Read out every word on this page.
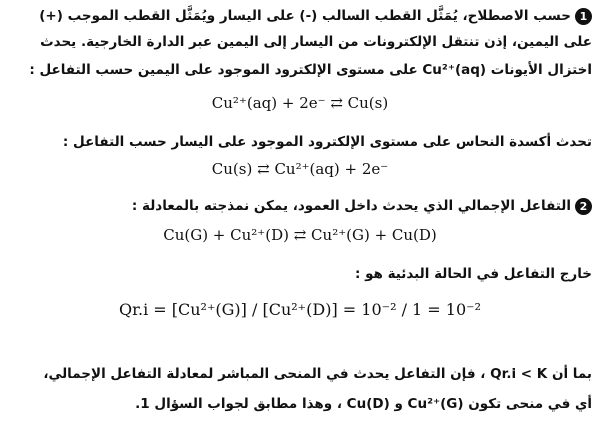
1حسب الاصطلاح، يُمَثَّل القطب السالب (-) على اليسار ويُمَثَّل القطب الموجب (+)
على اليمين، إذن تنتقل الإلكترونات من اليسار إلى اليمين عبر الدارة الخارجية. يحدث
اختزال الأيونات Cu²⁺(aq) على مستوى الإلكترود الموجود على اليمين حسب التفاعل :
Cu²⁺(aq) + 2e⁻ ⇄ Cu(s)
تحدث أكسدة النحاس على مستوى الإلكترود الموجود على اليسار حسب التفاعل :
Cu(s) ⇄ Cu²⁺(aq) + 2e⁻
2التفاعل الإجمالي الذي يحدث داخل العمود، يمكن نمذجته بالمعادلة :
Cu(G) + Cu²⁺(D) ⇄ Cu²⁺(G) + Cu(D)
خارج التفاعل في الحالة البدئية هو :
Qr.i = [Cu²⁺(G)] / [Cu²⁺(D)] = 10⁻² / 1 = 10⁻²
بما أن Qr.i < K ، فإن التفاعل يحدث في المنحى المباشر لمعادلة التفاعل الإجمالي،
أي في منحى تكون Cu²⁺(G) و Cu(D) ، وهذا مطابق لجواب السؤال 1.
